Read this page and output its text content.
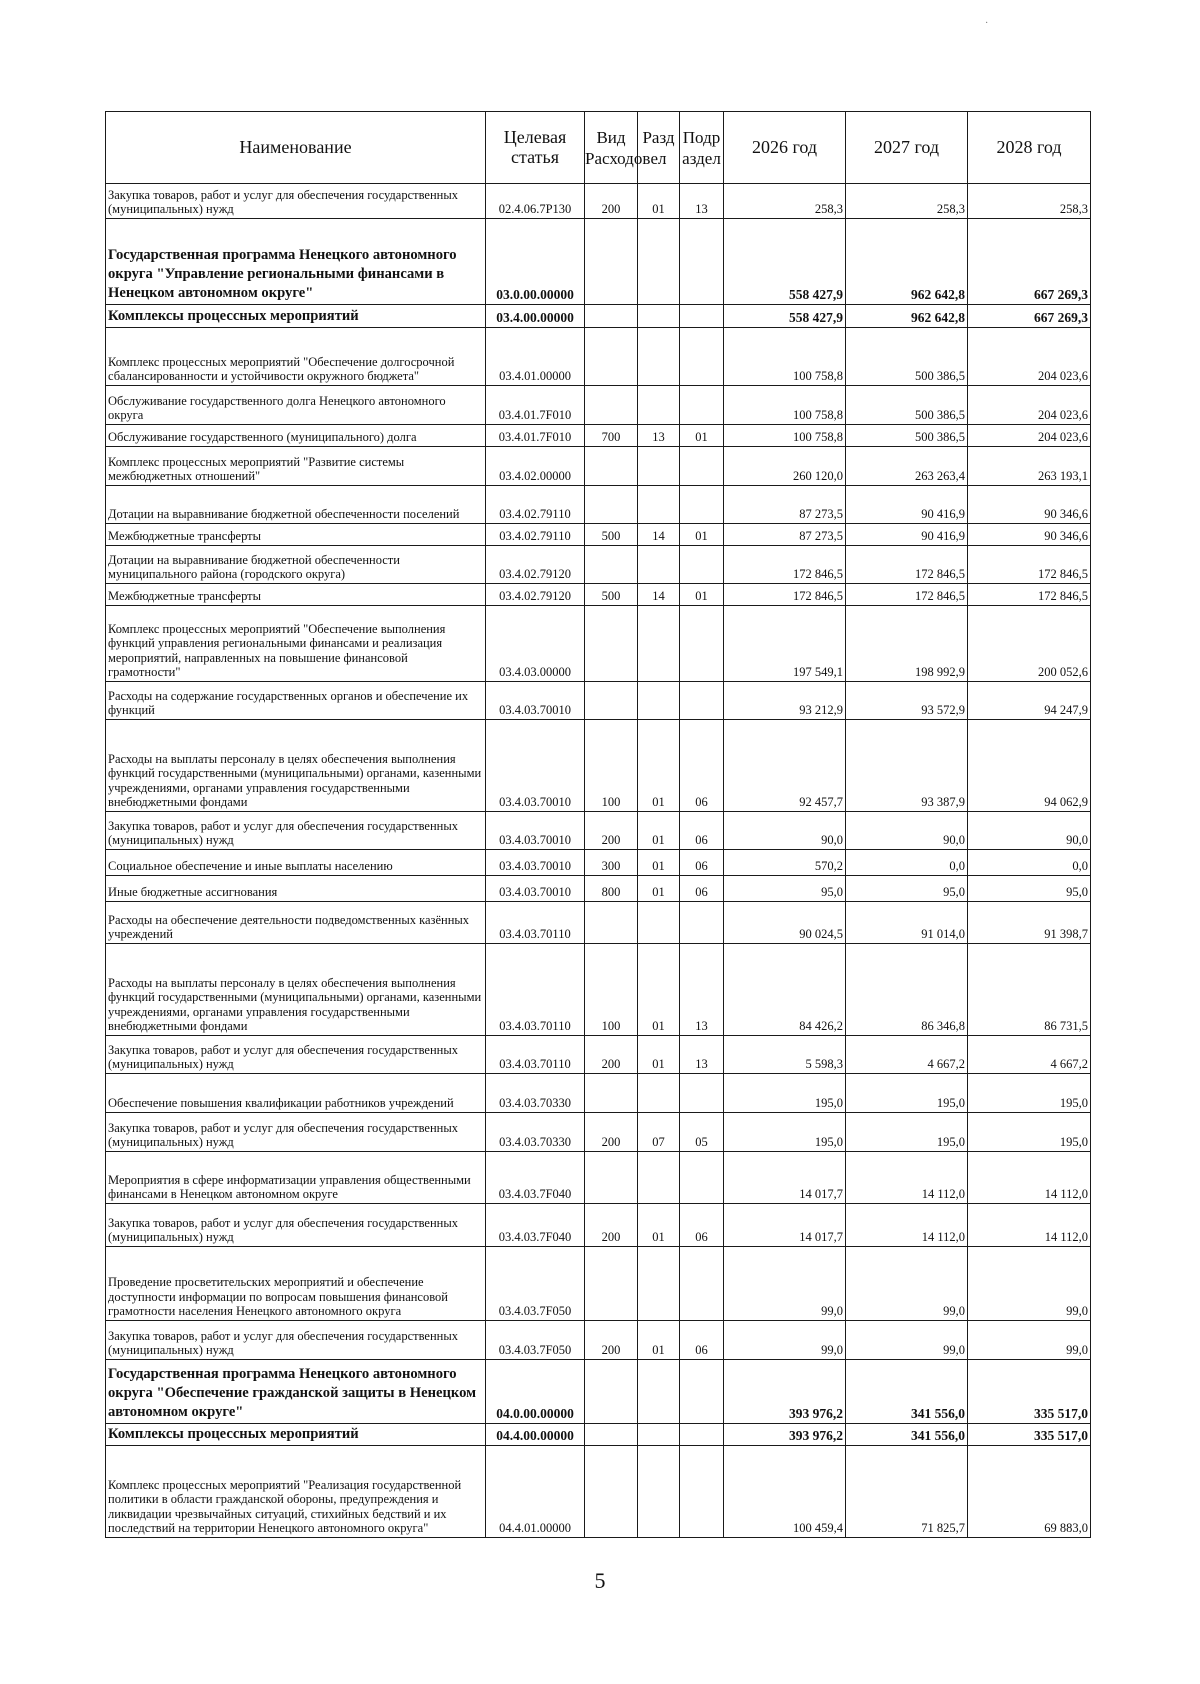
·
Наименование	Целевая статья	Вид Расходов	Разд ел	Подр аздел	2026 год	2027 год	2028 год
Закупка товаров, работ и услуг для обеспечения государственных (муниципальных) нужд	02.4.06.7Р130	200	01	13	258,3	258,3	258,3
Государственная программа Ненецкого автономного округа "Управление региональными финансами в Ненецком автономном округе"	03.0.00.00000				558 427,9	962 642,8	667 269,3
Комплексы процессных мероприятий	03.4.00.00000				558 427,9	962 642,8	667 269,3
Комплекс процессных мероприятий "Обеспечение долгосрочной сбалансированности и устойчивости окружного бюджета"	03.4.01.00000				100 758,8	500 386,5	204 023,6
Обслуживание государственного долга Ненецкого автономного округа	03.4.01.7F010				100 758,8	500 386,5	204 023,6
Обслуживание государственного (муниципального) долга	03.4.01.7F010	700	13	01	100 758,8	500 386,5	204 023,6
Комплекс процессных мероприятий "Развитие системы межбюджетных отношений"	03.4.02.00000				260 120,0	263 263,4	263 193,1
Дотации на выравнивание бюджетной обеспеченности поселений	03.4.02.79110				87 273,5	90 416,9	90 346,6
Межбюджетные трансферты	03.4.02.79110	500	14	01	87 273,5	90 416,9	90 346,6
Дотации на выравнивание бюджетной обеспеченности муниципального района (городского округа)	03.4.02.79120				172 846,5	172 846,5	172 846,5
Межбюджетные трансферты	03.4.02.79120	500	14	01	172 846,5	172 846,5	172 846,5
Комплекс процессных мероприятий "Обеспечение выполнения функций управления региональными финансами и реализация мероприятий, направленных на повышение финансовой грамотности"	03.4.03.00000				197 549,1	198 992,9	200 052,6
Расходы на содержание государственных органов и обеспечение их функций	03.4.03.70010				93 212,9	93 572,9	94 247,9
Расходы на выплаты персоналу в целях обеспечения выполнения функций государственными (муниципальными) органами, казенными учреждениями, органами управления государственными внебюджетными фондами	03.4.03.70010	100	01	06	92 457,7	93 387,9	94 062,9
Закупка товаров, работ и услуг для обеспечения государственных (муниципальных) нужд	03.4.03.70010	200	01	06	90,0	90,0	90,0
Социальное обеспечение и иные выплаты населению	03.4.03.70010	300	01	06	570,2	0,0	0,0
Иные бюджетные ассигнования	03.4.03.70010	800	01	06	95,0	95,0	95,0
Расходы на обеспечение деятельности подведомственных казённых учреждений	03.4.03.70110				90 024,5	91 014,0	91 398,7
Расходы на выплаты персоналу в целях обеспечения выполнения функций государственными (муниципальными) органами, казенными учреждениями, органами управления государственными внебюджетными фондами	03.4.03.70110	100	01	13	84 426,2	86 346,8	86 731,5
Закупка товаров, работ и услуг для обеспечения государственных (муниципальных) нужд	03.4.03.70110	200	01	13	5 598,3	4 667,2	4 667,2
Обеспечение повышения квалификации работников учреждений	03.4.03.70330				195,0	195,0	195,0
Закупка товаров, работ и услуг для обеспечения государственных (муниципальных) нужд	03.4.03.70330	200	07	05	195,0	195,0	195,0
Мероприятия в сфере информатизации управления общественными финансами в Ненецком автономном округе	03.4.03.7F040				14 017,7	14 112,0	14 112,0
Закупка товаров, работ и услуг для обеспечения государственных (муниципальных) нужд	03.4.03.7F040	200	01	06	14 017,7	14 112,0	14 112,0
Проведение просветительских мероприятий и обеспечение доступности информации по вопросам повышения финансовой грамотности населения Ненецкого автономного округа	03.4.03.7F050				99,0	99,0	99,0
Закупка товаров, работ и услуг для обеспечения государственных (муниципальных) нужд	03.4.03.7F050	200	01	06	99,0	99,0	99,0
Государственная программа Ненецкого автономного округа "Обеспечение гражданской защиты в Ненецком автономном округе"	04.0.00.00000				393 976,2	341 556,0	335 517,0
Комплексы процессных мероприятий	04.4.00.00000				393 976,2	341 556,0	335 517,0
Комплекс процессных мероприятий "Реализация государственной политики в области гражданской обороны, предупреждения и ликвидации чрезвычайных ситуаций, стихийных бедствий и их последствий на территории Ненецкого автономного округа"	04.4.01.00000				100 459,4	71 825,7	69 883,0
5
